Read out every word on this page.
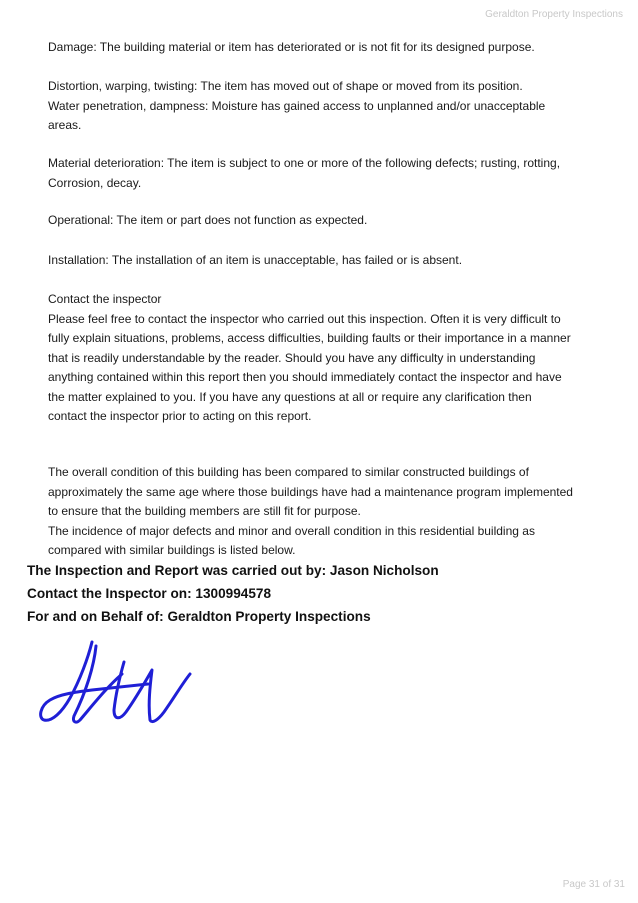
Geraldton Property Inspections

Damage: The building material or item has deteriorated or is not fit for its designed purpose.

Distortion, warping, twisting: The item has moved out of shape or moved from its position.
Water penetration, dampness: Moisture has gained access to unplanned and/or unacceptable
areas.

Material deterioration: The item is subject to one or more of the following defects; rusting, rotting,
Corrosion, decay.

Operational: The item or part does not function as expected.

Installation: The installation of an item is unacceptable, has failed or is absent.

Contact the inspector
Please feel free to contact the inspector who carried out this inspection. Often it is very difficult to
fully explain situations, problems, access difficulties, building faults or their importance in a manner
that is readily understandable by the reader. Should you have any difficulty in understanding
anything contained within this report then you should immediately contact the inspector and have
the matter explained to you. If you have any questions at all or require any clarification then
contact the inspector prior to acting on this report.

The overall condition of this building has been compared to similar constructed buildings of
approximately the same age where those buildings have had a maintenance program implemented
to ensure that the building members are still fit for purpose.
The incidence of major defects and minor and overall condition in this residential building as
compared with similar buildings is listed below.

The Inspection and Report was carried out by: Jason Nicholson
Contact the Inspector on: 1300994578
For and on Behalf of: Geraldton Property Inspections
Page 31 of 31
